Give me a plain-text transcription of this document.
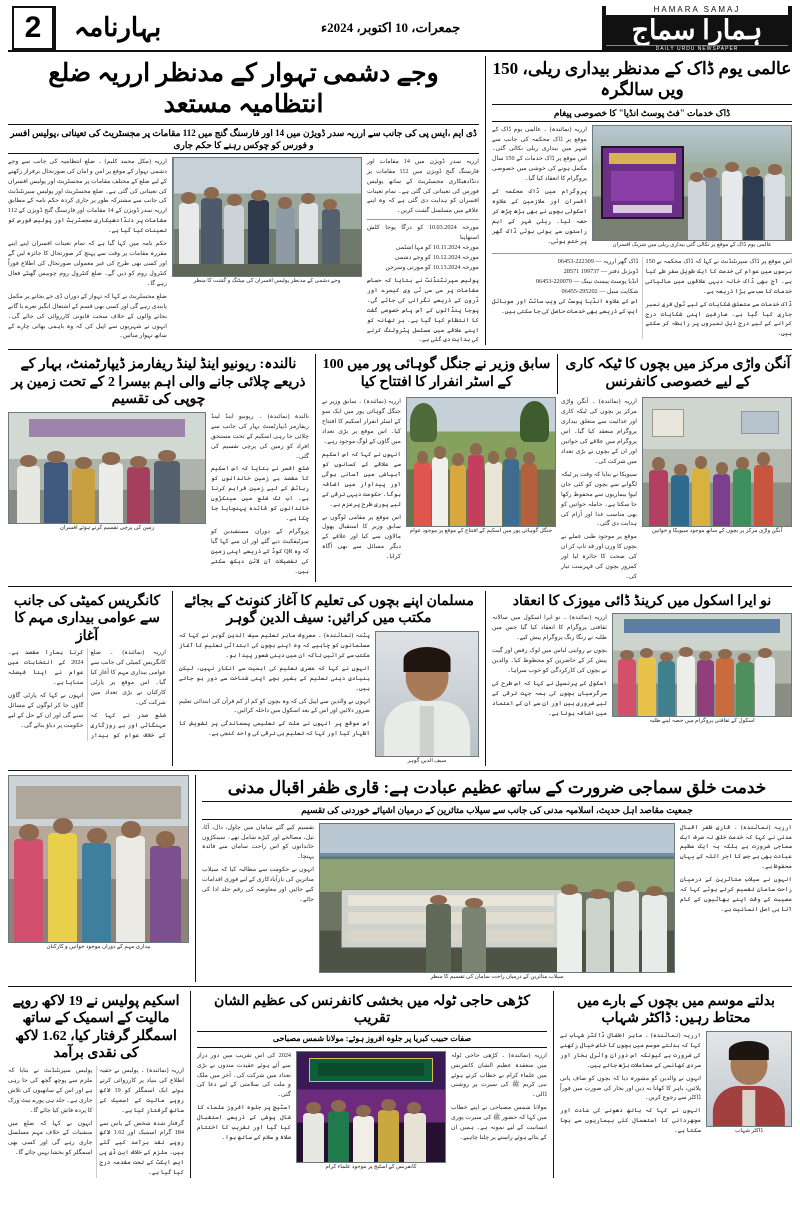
HAMARA SAMAJ
ہمارا سماج
DAILY URDU NEWSPAPER
جمعرات، 10 اکتوبر، 2024ء
بہارنامہ
2
عالمی یوم ڈاک کے مدنظر بیداری ریلی، 150 ویں سالگرہ
ڈاک خدمات "فٹ پوسٹ انڈیا" کا خصوصی پیغام
عالمی یوم ڈاک کے موقع پر نکالی گئی بیداری ریلی میں شریک افسران
ارریہ (نمائندہ) ۔ عالمی یوم ڈاک کے موقع پر ڈاک محکمہ کی جانب سے شہر میں بیداری ریلی نکالی گئی۔ اس موقع پر ڈاک خدمات کے 150 سال مکمل ہونے کی خوشی میں خصوصی پروگرام کا انعقاد کیا گیا۔
پروگرام میں ڈاک محکمہ کے افسران اور ملازمین کے علاوہ اسکولی بچوں نے بھی بڑھ چڑھ کر حصہ لیا۔ ریلی شہر کے اہم راستوں سے ہوتی ہوئی ڈاک گھر پر ختم ہوئی۔
اس موقع پر ڈاک سپرنٹنڈنٹ نے کہا کہ ڈاک محکمہ نے 150 برسوں میں عوام کی خدمت کا ایک طویل سفر طے کیا ہے۔ آج بھی ڈاک خانہ دیہی علاقوں میں مالیاتی خدمات کا سب سے بڑا ذریعہ ہے۔
ڈاک خدمات سے متعلق شکایات کے لیے ٹول فری نمبر جاری کیا گیا ہے۔ صارفین اپنی شکایات درج کرانے کے لیے درج ذیل نمبروں پر رابطہ کر سکتے ہیں۔
ڈاک گھر ارریہ — 222309-06453
ڈویژنل دفتر — 199737 28571
انڈیا پوسٹ پیمنٹ بینک — 220070-06453
شکایت سیل — 295202-06455
اس کے علاوہ انڈیا پوسٹ کی ویب سائٹ اور موبائل ایپ کے ذریعے بھی خدمات حاصل کی جا سکتی ہیں۔
وجے دشمی تہوار کے مدنظر ارریہ ضلع انتظامیہ مستعد
ڈی ایم ،ایس پی کی جانب سے ارریہ سدر ڈویژن میں 14 اور فارسنگ گنج میں 112 مقامات پر مجسٹریٹ کی تعیناتی ،پولیس افسر و فورس کو چوکس رہنے کا حکم جاری
ارریہ سدر ڈویژن میں 14 مقامات اور فارسنگ گنج ڈویژن میں 112 مقامات پر دنڈادھیکاری مجسٹریٹ کے ساتھ پولیس فورس کی تعیناتی کی گئی ہے۔ تمام تعینات افسران کو ہدایت دی گئی ہے کہ وہ اپنے علاقے میں مسلسل گشت کریں۔
مورخہ 10.03.2024 کو درگا پوجا کلش استھاپنا
مورخہ 10.11.2024 کو مہا اشٹمی
مورخہ 10.12.2024 کو وجے دشمی
مورخہ 10.13.2024 کو مورتی وسرجن
پولیس سپرنٹنڈنٹ نے بتایا کہ حساس مقامات پر سی سی ٹی وی کیمرے اور ڈرون کے ذریعے نگرانی کی جائے گی۔ پوجا پنڈالوں کے آس پاس خصوصی گشت کا انتظام کیا گیا ہے۔ ہر تھانہ کو اپنے علاقے میں مسلسل پٹرولنگ کرنے کی ہدایت دی گئی ہے۔
وجے دشمی کے مدنظر پولیس افسران کی میٹنگ و گشت کا منظر
ارریہ (مکل محمد کلیم) ۔ ضلع انتظامیہ کی جانب سے وجے دشمی تہوار کے موقع پر امن و امان کی صورتحال برقرار رکھنے کے لیے ضلع کے مختلف مقامات پر مجسٹریٹ اور پولیس افسران کی تعیناتی کی گئی ہے۔ ضلع مجسٹریٹ اور پولیس سپرنٹنڈنٹ کی جانب سے مشترکہ طور پر جاری کردہ حکم نامہ کے مطابق ارریہ سدر ڈویژن کے 14 مقامات اور فارسنگ گنج ڈویژن کے 112 مقامات پر دنڈادھیکاری مجسٹریٹ اور پولیس فورس کو تعینات کیا گیا ہے۔
حکم نامہ میں کہا گیا ہے کہ تمام تعینات افسران اپنے اپنے مقررہ مقامات پر وقت سے پہنچ کر صورتحال کا جائزہ لیں گے اور کسی بھی طرح کی غیر معمولی صورتحال کی اطلاع فوراً کنٹرول روم کو دیں گے۔ ضلع کنٹرول روم چوبیس گھنٹے فعال رہے گا۔
ضلع مجسٹریٹ نے کہا کہ تہوار کے دوران ڈی جے بجانے پر مکمل پابندی رہے گی اور کسی بھی قسم کے اشتعال انگیز نعرے یا گانے بجانے والوں کے خلاف سخت قانونی کارروائی کی جائے گی۔ انہوں نے شہریوں سے اپیل کی کہ وہ باہمی بھائی چارے کے ساتھ تہوار منائیں۔
آنگن واڑی مرکز میں بچوں کا ٹیکہ کاری کے لیے خصوصی کانفرنس
سابق وزیر نے جنگل گوہائی پور میں 100 کے اسٹر انفرار کا افتتاح کیا
آنگن واڑی مرکز پر بچوں کے ساتھ موجود سیویکا و خواتین
ارریہ (نمائندہ) ۔ آنگن واڑی مرکز پر بچوں کی ٹیکہ کاری اور غذائیت سے متعلق بیداری پروگرام منعقد کیا گیا۔ اس پروگرام میں علاقے کی خواتین اور ان کے بچوں نے بڑی تعداد میں شرکت کی۔
سیویکا نے بتایا کہ وقت پر ٹیکہ لگوانے سے بچوں کو کئی جان لیوا بیماریوں سے محفوظ رکھا جا سکتا ہے۔ حاملہ خواتین کو بھی مناسب غذا اور آرام کی ہدایت دی گئی۔
موقع پر موجود طبی عملے نے بچوں کا وزن اور قد ناپ کر ان کی صحت کا جائزہ لیا اور کمزور بچوں کی فہرست تیار کی۔
جنگل گوہائی پور میں اسکیم کے افتتاح کے موقع پر موجود عوام
ارریہ (نمائندہ) ۔ سابق وزیر نے جنگل گوہائی پور میں ایک سو کے اسٹر انفرار اسکیم کا افتتاح کیا۔ اس موقع پر بڑی تعداد میں گاؤں کے لوگ موجود رہے۔
انہوں نے کہا کہ اس اسکیم سے علاقے کے کسانوں کو آبپاشی میں آسانی ہوگی اور پیداوار میں اضافہ ہوگا۔ حکومت دیہی ترقی کے لیے پوری طرح پرعزم ہے۔
اس موقع پر مقامی لوگوں نے سابق وزیر کا استقبال پھول مالاؤں سے کیا اور علاقے کے دیگر مسائل سے بھی آگاہ کرایا۔
نالندہ: ریونیو اینڈ لینڈ ریفارمز ڈیپارٹمنٹ، بہار کے ذریعے چلائی جانے والی اہم بیسرا 2 کے تحت زمین پر چوپی کی تقسیم
نالندہ (نمائندہ) ۔ ریونیو اینڈ لینڈ ریفارمز ڈیپارٹمنٹ بہار کی جانب سے چلائی جا رہی اسکیم کے تحت مستحق افراد کو زمین کی پرچی تقسیم کی گئی۔
ضلع افسر نے بتایا کہ اس اسکیم کا مقصد بے زمین خاندانوں کو رہائش کے لیے زمین فراہم کرنا ہے۔ اب تک ضلع میں سینکڑوں خاندانوں کو فائدہ پہنچایا جا چکا ہے۔
پروگرام کے دوران مستفیدین کو سرٹیفکیٹ دیے گئے اور ان سے کہا گیا کہ وہ QR کوڈ کے ذریعے اپنی زمین کی تفصیلات آن لائن دیکھ سکتے ہیں۔
زمین کی پرچی تقسیم کرتے ہوئے افسران
نو ایرا اسکول میں کرینڈ ڈائی میوزک کا انعقاد
اسکول کے ثقافتی پروگرام میں حصہ لیتے طلبہ
ارریہ (نمائندہ) ۔ نو ایرا اسکول میں سالانہ ثقافتی پروگرام کا انعقاد کیا گیا جس میں طلبہ نے رنگا رنگ پروگرام پیش کیے۔
بچوں نے روایتی لباس میں لوک رقص اور گیت پیش کر کے حاضرین کو محظوظ کیا۔ والدین نے بچوں کی کارکردگی کو خوب سراہا۔
اسکول کے پرنسپل نے کہا کہ اس طرح کی سرگرمیاں بچوں کی ہمہ جہت ترقی کے لیے ضروری ہیں اور ان سے ان کے اعتماد میں اضافہ ہوتا ہے۔
مسلمان اپنے بچوں کی تعلیم کا آغاز کنونٹ کے بجائے مکتب میں کرائیں: سیف الدین گوہر
سیف الدین گوہر
پٹنہ (نمائندہ) ۔ معروف ماہر تعلیم سیف الدین گوہر نے کہا کہ مسلمانوں کو چاہیے کہ وہ اپنے بچوں کی ابتدائی تعلیم کا آغاز مکتب سے کرائیں تاکہ ان میں دینی شعور پیدا ہو۔
انہوں نے کہا کہ عصری تعلیم کی اہمیت سے انکار نہیں، لیکن بنیادی دینی تعلیم کے بغیر بچے اپنی شناخت سے دور ہو جاتے ہیں۔
انہوں نے والدین سے اپیل کی کہ وہ بچوں کو کم از کم قرآن کی ابتدائی تعلیم ضرور دلائیں اور اس کے بعد اسکول میں داخلہ کرائیں۔
اس موقع پر انہوں نے ملت کے تعلیمی پسماندگی پر تشویش کا اظہار کیا اور کہا کہ تعلیم ہی ترقی کی واحد کنجی ہے۔
کانگریس کمیٹی کی جانب سے عوامی بیداری مہم کا آغاز
ارریہ (نمائندہ) ۔ ضلع کانگریس کمیٹی کی جانب سے عوامی بیداری مہم کا آغاز کیا گیا۔ اس موقع پر پارٹی کارکنان نے بڑی تعداد میں شرکت کی۔
ضلع صدر نے کہا کہ مہنگائی اور بے روزگاری کے خلاف عوام کو بیدار کرنا ہمارا مقصد ہے۔ 2024 کے انتخابات میں عوام نے اپنا فیصلہ سنایا ہے۔
انہوں نے کہا کہ پارٹی گاؤں گاؤں جا کر لوگوں کے مسائل سنے گی اور ان کے حل کے لیے حکومت پر دباؤ بنائے گی۔
خدمت خلق سماجی ضرورت کے ساتھ عظیم عبادت ہے: قاری ظفر اقبال مدنی
جمعیت مقاصد اہل حدیث، اسلامیہ مدنی کی جانب سے سیلاب متاثرین کے درمیان اشیائے خوردنی کی تقسیم
ارریہ (نمائندہ) ۔ قاری ظفر اقبال مدنی نے کہا کہ خدمت خلق نہ صرف ایک سماجی ضرورت ہے بلکہ یہ ایک عظیم عبادت بھی ہے جس کا اجر اللہ کے یہاں محفوظ ہے۔
انہوں نے سیلاب متاثرین کے درمیان راحت سامان تقسیم کرتے ہوئے کہا کہ مصیبت کے وقت اپنے بھائیوں کے کام آنا ہی اصل انسانیت ہے۔
سیلاب متاثرین کے درمیان راحت سامان کی تقسیم کا منظر
تقسیم کیے گئے سامان میں چاول، دال، آٹا، تیل، مصالحے اور کپڑے شامل تھے۔ سینکڑوں خاندانوں کو اس راحت سامان سے فائدہ پہنچا۔
انہوں نے حکومت سے مطالبہ کیا کہ سیلاب متاثرین کی بازآبادکاری کے لیے فوری اقدامات کیے جائیں اور معاوضہ کی رقم جلد ادا کی جائے۔
بیداری مہم کے دوران موجود خواتین و کارکنان
بدلتے موسم میں بچوں کے بارے میں محتاط رہیں: ڈاکٹر شہاب
ڈاکٹر شہاب
ارریہ (نمائندہ) ۔ ماہر اطفال ڈاکٹر شہاب نے کہا کہ بدلتے موسم میں بچوں کا خاص خیال رکھنے کی ضرورت ہے کیونکہ اس دوران وائرل بخار اور سردی کھانسی کے معاملات بڑھ جاتے ہیں۔
انہوں نے والدین کو مشورہ دیا کہ بچوں کو صاف پانی پلائیں، باہر کا کھانا نہ دیں اور بخار کی صورت میں فوراً ڈاکٹر سے رجوع کریں۔
انہوں نے کہا کہ ہاتھ دھونے کی عادت اور مچھردانی کا استعمال کئی بیماریوں سے بچا سکتا ہے۔
کڑھی حاجی ٹولہ میں بخشی کانفرنس کی عظیم الشان تقریب
صفات حبیب کبریا پر جلوہ افروز ہوئے: مولانا شمس مصباحی
ارریہ (نمائندہ) ۔ کڑھی حاجی ٹولہ میں منعقدہ عظیم الشان کانفرنس میں علماء کرام نے خطاب کرتے ہوئے نبی کریم ﷺ کی سیرت پر روشنی ڈالی۔
مولانا شمس مصباحی نے اپنے خطاب میں کہا کہ حضور ﷺ کی سیرت پوری انسانیت کے لیے نمونہ ہے۔ ہمیں ان کے بتائے ہوئے راستے پر چلنا چاہیے۔
کانفرنس کے اسٹیج پر موجود علماء کرام
2024 کی اس تقریب میں دور دراز سے آئے ہوئے عقیدت مندوں نے بڑی تعداد میں شرکت کی۔ آخر میں ملک و ملت کی سلامتی کے لیے دعا کی گئی۔
اسٹیج پر جلوہ افروز علماء کا شال پوشی کے ذریعے استقبال کیا گیا اور تقریب کا اختتام صلاۃ و سلام کے ساتھ ہوا۔
اسکیم پولیس نے 19 لاکھ روپے مالیت کے اسمیک کے ساتھ اسمگلر گرفتار کیا، 1.62 لاکھ کی نقدی برآمد
ارریہ (نمائندہ) ۔ پولیس نے خفیہ اطلاع کی بنیاد پر کارروائی کرتے ہوئے ایک اسمگلر کو 19 لاکھ روپے مالیت کے اسمیک کے ساتھ گرفتار کیا ہے۔
گرفتار شدہ شخص کے پاس سے 184 گرام اسمیک اور 1.62 لاکھ روپے نقد برآمد کیے گئے ہیں۔ ملزم کے خلاف این ڈی پی ایس ایکٹ کے تحت مقدمہ درج کیا گیا ہے۔
پولیس سپرنٹنڈنٹ نے بتایا کہ ملزم سے پوچھ گچھ کی جا رہی ہے اور اس کے ساتھیوں کی تلاش جاری ہے۔ جلد ہی پورے نیٹ ورک کا پردہ فاش کیا جائے گا۔
انہوں نے کہا کہ ضلع میں منشیات کے خلاف مہم مسلسل جاری رہے گی اور کسی بھی اسمگلر کو بخشا نہیں جائے گا۔
